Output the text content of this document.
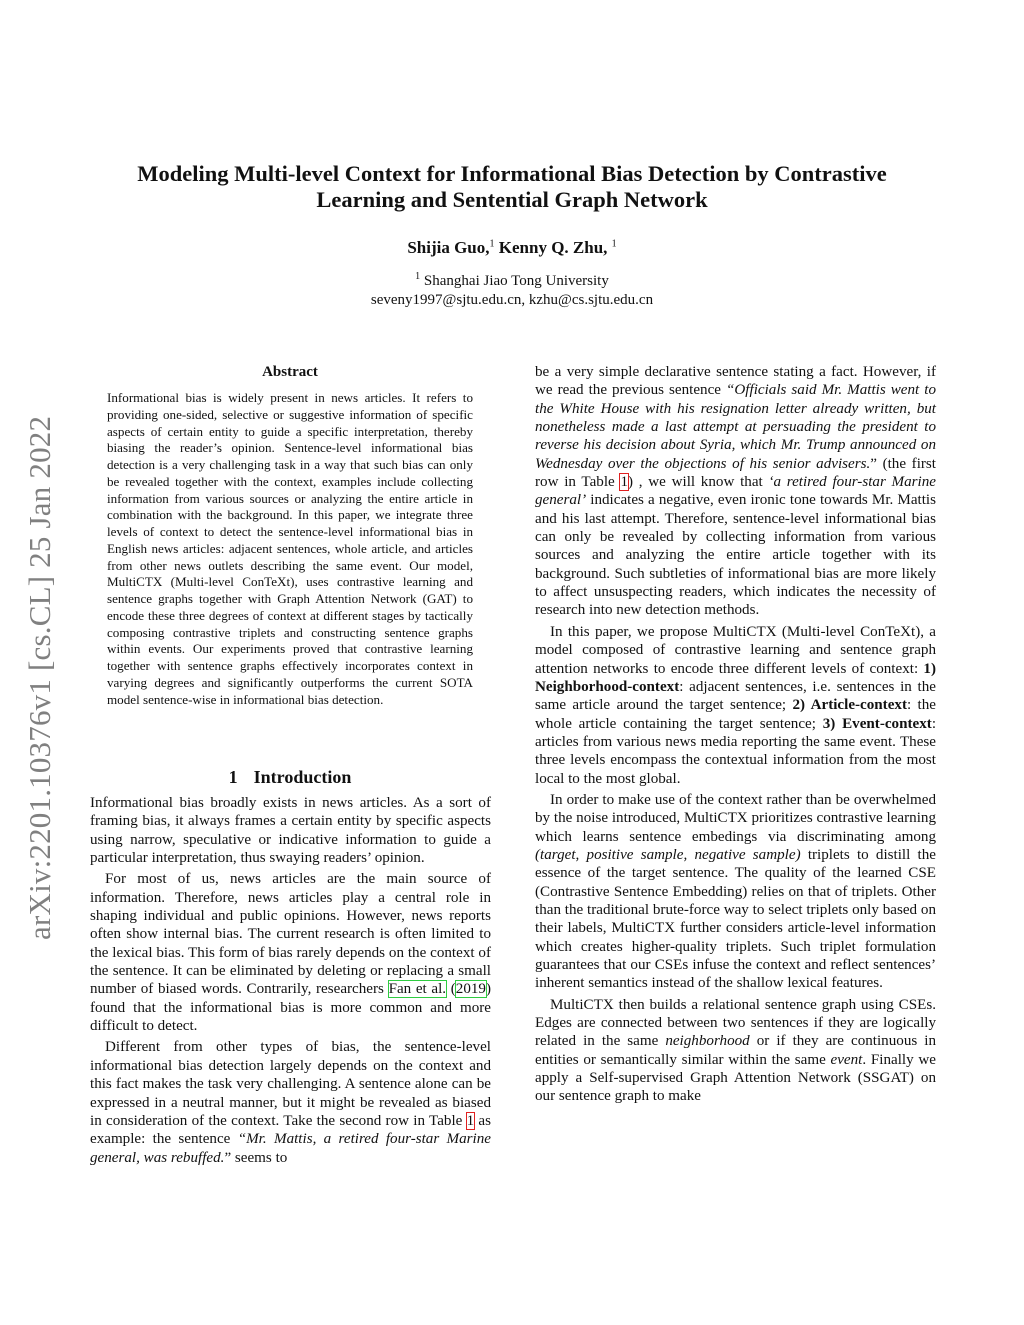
arXiv:2201.10376v1 [cs.CL] 25 Jan 2022
Modeling Multi-level Context for Informational Bias Detection by Contrastive
Learning and Sentential Graph Network
Shijia Guo,$^1$ Kenny Q. Zhu, $^1$
$^1$ Shanghai Jiao Tong University
seveny1997@sjtu.edu.cn, kzhu@cs.sjtu.edu.cn
Abstract
Informational bias is widely present in news articles. It refers to providing one-sided, selective or suggestive information of specific aspects of certain entity to guide a specific interpretation, thereby biasing the reader’s opinion. Sentence-level informational bias detection is a very challenging task in a way that such bias can only be revealed together with the context, examples include collecting information from various sources or analyzing the entire article in combination with the background. In this paper, we integrate three levels of context to detect the sentence-level informational bias in English news articles: adjacent sentences, whole article, and articles from other news outlets describing the same event. Our model, MultiCTX (Multi-level ConTeXt), uses contrastive learning and sentence graphs together with Graph Attention Network (GAT) to encode these three degrees of context at different stages by tactically composing contrastive triplets and constructing sentence graphs within events. Our experiments proved that contrastive learning together with sentence graphs effectively incorporates context in varying degrees and significantly outperforms the current SOTA model sentence-wise in informational bias detection.
1 Introduction

Informational bias broadly exists in news articles. As a sort of framing bias, it always frames a certain entity by specific aspects using narrow, speculative or indicative information to guide a particular interpretation, thus swaying readers’ opinion.

For most of us, news articles are the main source of information. Therefore, news articles play a central role in shaping individual and public opinions. However, news reports often show internal bias. The current research is often limited to the lexical bias. This form of bias rarely depends on the context of the sentence. It can be eliminated by deleting or replacing a small number of biased words. Contrarily, researchers Fan et al. (2019) found that the informational bias is more common and more difficult to detect.

Different from other types of bias, the sentence-level informational bias detection largely depends on the context and this fact makes the task very challenging. A sentence alone can be expressed in a neutral manner, but it might be revealed as biased in consideration of the context. Take the second row in Table 1 as example: the sentence “Mr. Mattis, a retired four-star Marine general, was rebuffed.” seems to

be a very simple declarative sentence stating a fact. However, if we read the previous sentence “Officials said Mr. Mattis went to the White House with his resignation letter already written, but nonetheless made a last attempt at persuading the president to reverse his decision about Syria, which Mr. Trump announced on Wednesday over the objections of his senior advisers.” (the first row in Table 1) , we will know that ‘a retired four-star Marine general’ indicates a negative, even ironic tone towards Mr. Mattis and his last attempt. Therefore, sentence-level informational bias can only be revealed by collecting information from various sources and analyzing the entire article together with its background. Such subtleties of informational bias are more likely to affect unsuspecting readers, which indicates the necessity of research into new detection methods.

In this paper, we propose MultiCTX (Multi-level ConTeXt), a model composed of contrastive learning and sentence graph attention networks to encode three different levels of context: 1) Neighborhood-context: adjacent sentences, i.e. sentences in the same article around the target sentence; 2) Article-context: the whole article containing the target sentence; 3) Event-context: articles from various news media reporting the same event. These three levels encompass the contextual information from the most local to the most global.

In order to make use of the context rather than be overwhelmed by the noise introduced, MultiCTX prioritizes contrastive learning which learns sentence embedings via discriminating among (target, positive sample, negative sample) triplets to distill the essence of the target sentence. The quality of the learned CSE (Contrastive Sentence Embedding) relies on that of triplets. Other than the traditional brute-force way to select triplets only based on their labels, MultiCTX further considers article-level information which creates higher-quality triplets. Such triplet formulation guarantees that our CSEs infuse the context and reflect sentences’ inherent semantics instead of the shallow lexical features.

MultiCTX then builds a relational sentence graph using CSEs. Edges are connected between two sentences if they are logically related in the same neighborhood or if they are continuous in entities or semantically similar within the same event. Finally we apply a Self-supervised Graph Attention Network (SSGAT) on our sentence graph to make
